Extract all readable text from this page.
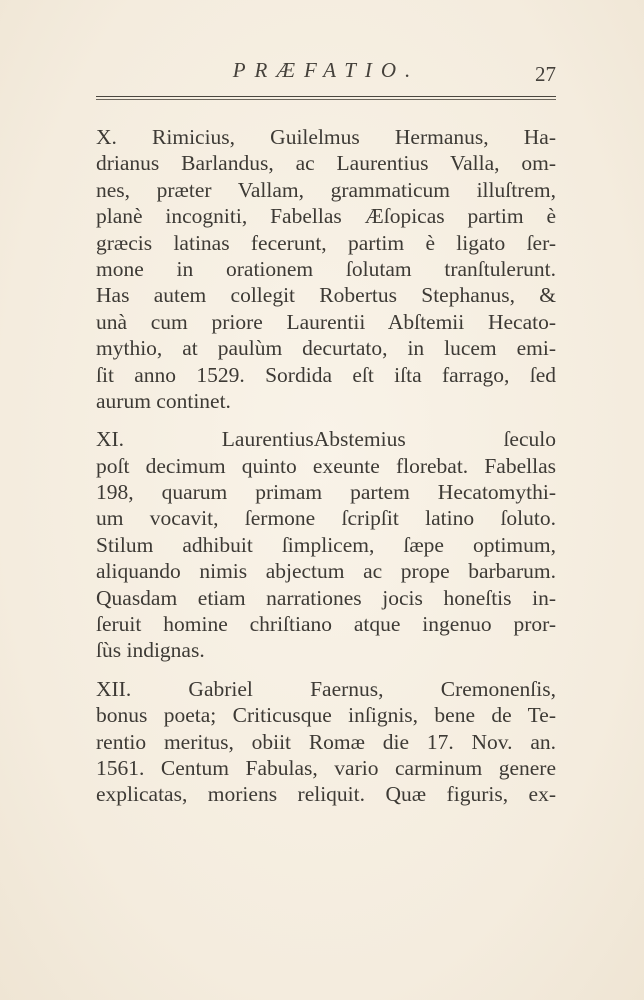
PRÆFATIO.	27
X. Rimicius, Guilelmus Hermanus, Ha-
drianus Barlandus, ac Laurentius Valla, om-
nes, præter Vallam, grammaticum illuſtrem,
planè incogniti, Fabellas Æſopicas partim è
græcis latinas fecerunt, partim è ligato ſer-
mone in orationem ſolutam tranſtulerunt.
Has autem collegit Robertus Stephanus, &
unà cum priore Laurentii Abſtemii Hecato-
mythio, at paulùm decurtato, in lucem emi-
ſit anno 1529. Sordida eſt iſta farrago, ſed
aurum continet.
XI. LaurentiusAbstemius ſeculo
poſt decimum quinto exeunte florebat. Fabellas
198, quarum primam partem Hecatomythi-
um vocavit, ſermone ſcripſit latino ſoluto.
Stilum adhibuit ſimplicem, ſæpe optimum,
aliquando nimis abjectum ac prope barbarum.
Quasdam etiam narrationes jocis honeſtis in-
ſeruit homine chriſtiano atque ingenuo pror-
ſùs indignas.
XII. Gabriel Faernus, Cremonenſis,
bonus poeta; Criticusque inſignis, bene de Te-
rentio meritus, obiit Romæ die 17. Nov. an.
1561. Centum Fabulas, vario carminum genere
explicatas, moriens reliquit. Quæ figuris, ex-
